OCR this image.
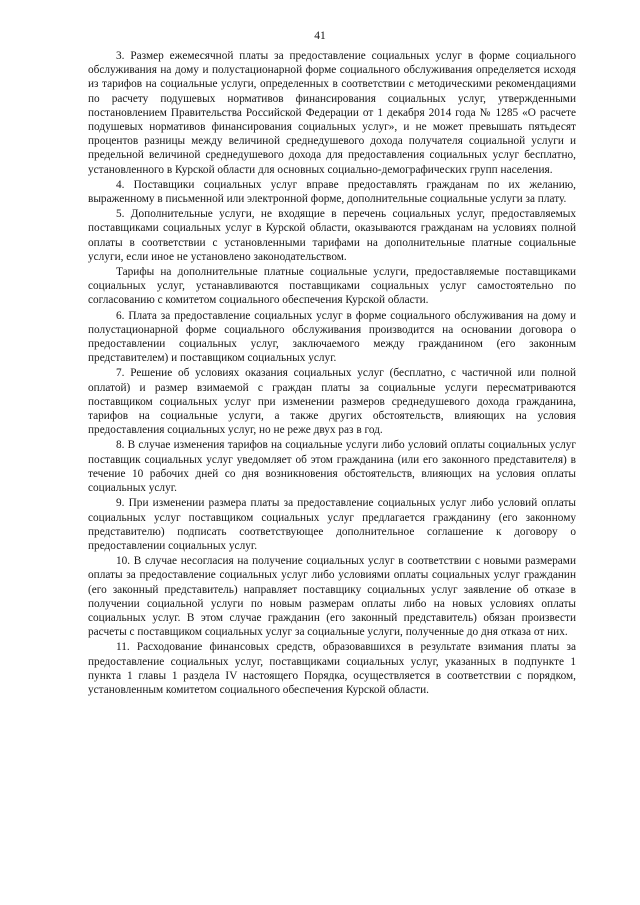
41

3. Размер ежемесячной платы за предоставление социальных услуг в форме социального обслуживания на дому и полустационарной форме социального обслуживания определяется исходя из тарифов на социальные услуги, определенных в соответствии с методическими рекомендациями по расчету подушевых нормативов финансирования социальных услуг, утвержденными постановлением Правительства Российской Федерации от 1 декабря 2014 года № 1285 «О расчете подушевых нормативов финансирования социальных услуг», и не может превышать пятьдесят процентов разницы между величиной среднедушевого дохода получателя социальной услуги и предельной величиной среднедушевого дохода для предоставления социальных услуг бесплатно, установленного в Курской области для основных социально-демографических групп населения.

4. Поставщики социальных услуг вправе предоставлять гражданам по их желанию, выраженному в письменной или электронной форме, дополнительные социальные услуги за плату.

5. Дополнительные услуги, не входящие в перечень социальных услуг, предоставляемых поставщиками социальных услуг в Курской области, оказываются гражданам на условиях полной оплаты в соответствии с установленными тарифами на дополнительные платные социальные услуги, если иное не установлено законодательством.

Тарифы на дополнительные платные социальные услуги, предоставляемые поставщиками социальных услуг, устанавливаются поставщиками социальных услуг самостоятельно по согласованию с комитетом социального обеспечения Курской области.

6. Плата за предоставление социальных услуг в форме социального обслуживания на дому и полустационарной форме социального обслуживания производится на основании договора о предоставлении социальных услуг, заключаемого между гражданином (его законным представителем) и поставщиком социальных услуг.

7. Решение об условиях оказания социальных услуг (бесплатно, с частичной или полной оплатой) и размер взимаемой с граждан платы за социальные услуги пересматриваются поставщиком социальных услуг при изменении размеров среднедушевого дохода гражданина, тарифов на социальные услуги, а также других обстоятельств, влияющих на условия предоставления социальных услуг, но не реже двух раз в год.

8. В случае изменения тарифов на социальные услуги либо условий оплаты социальных услуг поставщик социальных услуг уведомляет об этом гражданина (или его законного представителя) в течение 10 рабочих дней со дня возникновения обстоятельств, влияющих на условия оплаты социальных услуг.

9. При изменении размера платы за предоставление социальных услуг либо условий оплаты социальных услуг поставщиком социальных услуг предлагается гражданину (его законному представителю) подписать соответствующее дополнительное соглашение к договору о предоставлении социальных услуг.

10. В случае несогласия на получение социальных услуг в соответствии с новыми размерами оплаты за предоставление социальных услуг либо условиями оплаты социальных услуг гражданин (его законный представитель) направляет поставщику социальных услуг заявление об отказе в получении социальной услуги по новым размерам оплаты либо на новых условиях оплаты социальных услуг. В этом случае гражданин (его законный представитель) обязан произвести расчеты с поставщиком социальных услуг за социальные услуги, полученные до дня отказа от них.

11. Расходование финансовых средств, образовавшихся в результате взимания платы за предоставление социальных услуг, поставщиками социальных услуг, указанных в подпункте 1 пункта 1 главы 1 раздела IV настоящего Порядка, осуществляется в соответствии с порядком, установленным комитетом социального обеспечения Курской области.
